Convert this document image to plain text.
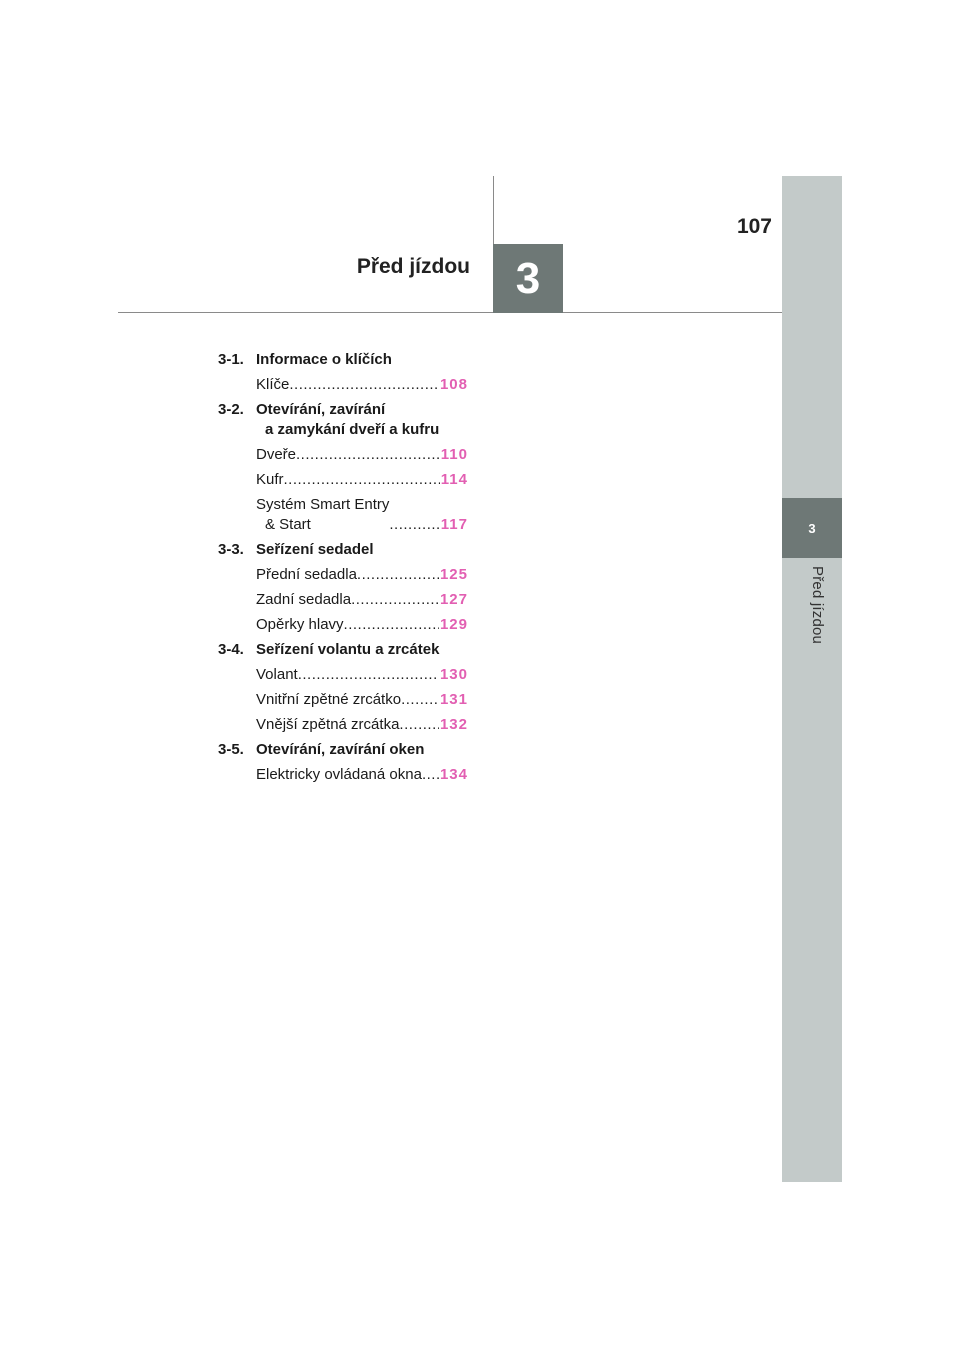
3
Před jízdou
107
Před jízdou 3
3-1. Informace o klíčích
Klíče .....	108
3-2. Otevírání, zavírání
a zamykání dveří a kufru
Dveře .....	110
Kufr .....	114
Systém Smart Entry
& Start .....	117
3-3. Seřízení sedadel
Přední sedadla .....	125
Zadní sedadla .....	127
Opěrky hlavy .....	129
3-4. Seřízení volantu a zrcátek
Volant .....	130
Vnitřní zpětné zrcátko .....	131
Vnější zpětná zrcátka .....	132
3-5. Otevírání, zavírání oken
Elektricky ovládaná okna ..... 134
